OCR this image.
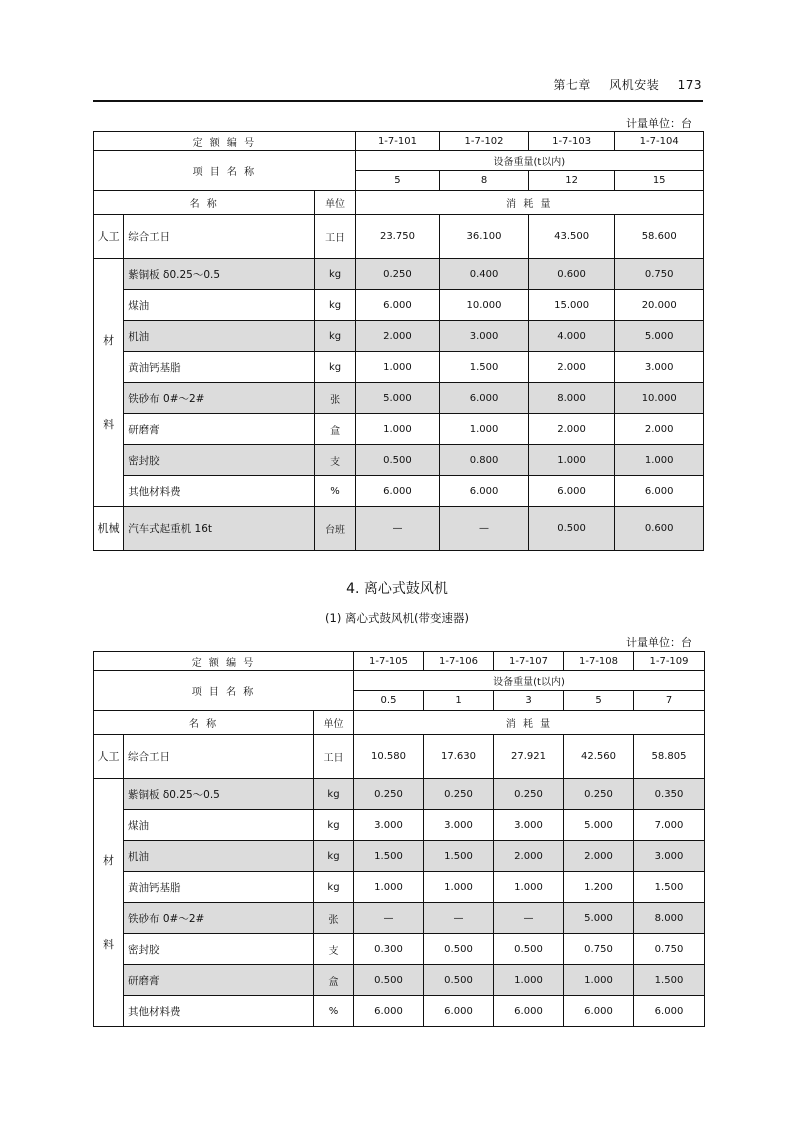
第七章 风机安装 173
计量单位：台
定 额 编 号			1-7-101	1-7-102	1-7-103	1-7-104
项 目 名 称			设备重量(t以内)			
			5	8	12	15
名 称		单位	消 耗 量			
人工	综合工日	工日	23.750	36.100	43.500	58.600

材
料	紫铜板 δ0.25～0.5	kg	0.250	0.400	0.600	0.750
	煤油	kg	6.000	10.000	15.000	20.000
	机油	kg	2.000	3.000	4.000	5.000
	黄油钙基脂	kg	1.000	1.500	2.000	3.000
	铁砂布 0#～2#	张	5.000	6.000	8.000	10.000
	研磨膏	盒	1.000	1.000	2.000	2.000
	密封胶	支	0.500	0.800	1.000	1.000
	其他材料费	%	6.000	6.000	6.000	6.000
机械	汽车式起重机 16t	台班	—	—	0.500	0.600
4. 离心式鼓风机
(1) 离心式鼓风机(带变速器)
计量单位：台
定 额 编 号			1-7-105	1-7-106	1-7-107	1-7-108	1-7-109
项 目 名 称			设备重量(t以内)				
			0.5	1	3	5	7
名 称		单位	消 耗 量				
人工	综合工日	工日	10.580	17.630	27.921	42.560	58.805

材
料	紫铜板 δ0.25～0.5	kg	0.250	0.250	0.250	0.250	0.350
	煤油	kg	3.000	3.000	3.000	5.000	7.000
	机油	kg	1.500	1.500	2.000	2.000	3.000
	黄油钙基脂	kg	1.000	1.000	1.000	1.200	1.500
	铁砂布 0#～2#	张	—	—	—	5.000	8.000
	密封胶	支	0.300	0.500	0.500	0.750	0.750
	研磨膏	盒	0.500	0.500	1.000	1.000	1.500
	其他材料费	%	6.000	6.000	6.000	6.000	6.000
